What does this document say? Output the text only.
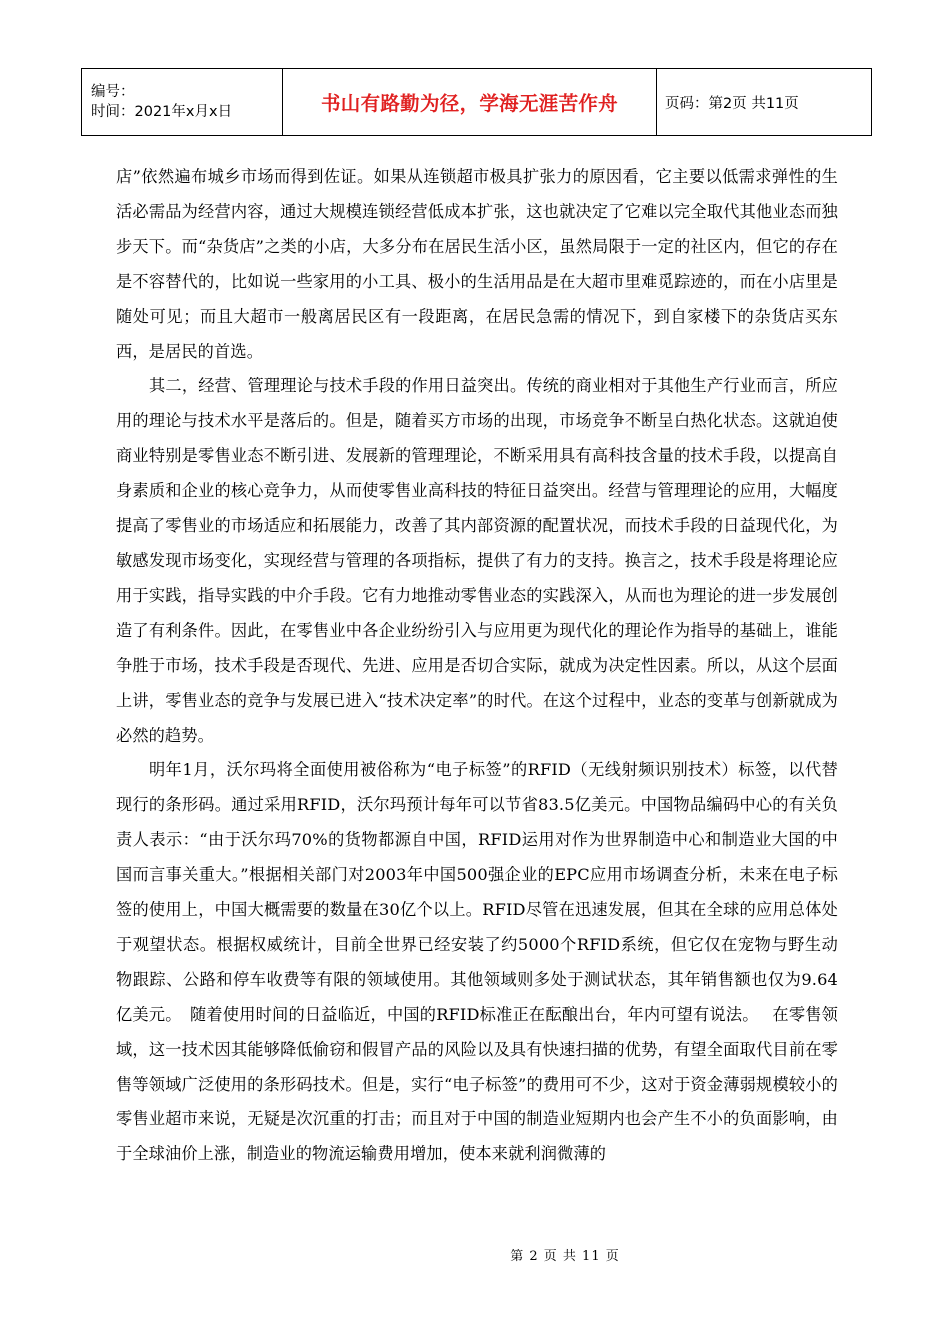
编号：
时间：2021年x月x日	书山有路勤为径，学海无涯苦作舟	页码：第2页 共11页

店”依然遍布城乡市场而得到佐证。如果从连锁超市极具扩张力的原因看，它主要以低需求弹性的生活必需品为经营内容，通过大规模连锁经营低成本扩张，这也就决定了它难以完全取代其他业态而独步天下。而“杂货店”之类的小店，大多分布在居民生活小区，虽然局限于一定的社区内，但它的存在是不容替代的，比如说一些家用的小工具、极小的生活用品是在大超市里难觅踪迹的，而在小店里是随处可见；而且大超市一般离居民区有一段距离，在居民急需的情况下，到自家楼下的杂货店买东西，是居民的首选。

其二，经营、管理理论与技术手段的作用日益突出。传统的商业相对于其他生产行业而言，所应用的理论与技术水平是落后的。但是，随着买方市场的出现，市场竞争不断呈白热化状态。这就迫使商业特别是零售业态不断引进、发展新的管理理论，不断采用具有高科技含量的技术手段，以提高自身素质和企业的核心竞争力，从而使零售业高科技的特征日益突出。经营与管理理论的应用，大幅度提高了零售业的市场适应和拓展能力，改善了其内部资源的配置状况，而技术手段的日益现代化，为敏感发现市场变化，实现经营与管理的各项指标，提供了有力的支持。换言之，技术手段是将理论应用于实践，指导实践的中介手段。它有力地推动零售业态的实践深入，从而也为理论的进一步发展创造了有利条件。因此，在零售业中各企业纷纷引入与应用更为现代化的理论作为指导的基础上，谁能争胜于市场，技术手段是否现代、先进、应用是否切合实际，就成为决定性因素。所以，从这个层面上讲，零售业态的竞争与发展已进入“技术决定率”的时代。在这个过程中，业态的变革与创新就成为必然的趋势。

明年1月，沃尔玛将全面使用被俗称为“电子标签”的RFID（无线射频识别技术）标签，以代替现行的条形码。通过采用RFID，沃尔玛预计每年可以节省83.5亿美元。中国物品编码中心的有关负责人表示：“由于沃尔玛70%的货物都源自中国，RFID运用对作为世界制造中心和制造业大国的中国而言事关重大。”根据相关部门对2003年中国500强企业的EPC应用市场调查分析，未来在电子标签的使用上，中国大概需要的数量在30亿个以上。RFID尽管在迅速发展，但其在全球的应用总体处于观望状态。根据权威统计，目前全世界已经安装了约5000个RFID系统，但它仅在宠物与野生动物跟踪、公路和停车收费等有限的领域使用。其他领域则多处于测试状态，其年销售额也仅为9.64亿美元。　随着使用时间的日益临近，中国的RFID标准正在酝酿出台，年内可望有说法。　 在零售领域，这一技术因其能够降低偷窃和假冒产品的风险以及具有快速扫描的优势，有望全面取代目前在零售等领域广泛使用的条形码技术。但是，实行“电子标签”的费用可不少，这对于资金薄弱规模较小的零售业超市来说，无疑是次沉重的打击；而且对于中国的制造业短期内也会产生不小的负面影响，由于全球油价上涨，制造业的物流运输费用增加，使本来就利润微薄的

第 2 页 共 11 页
